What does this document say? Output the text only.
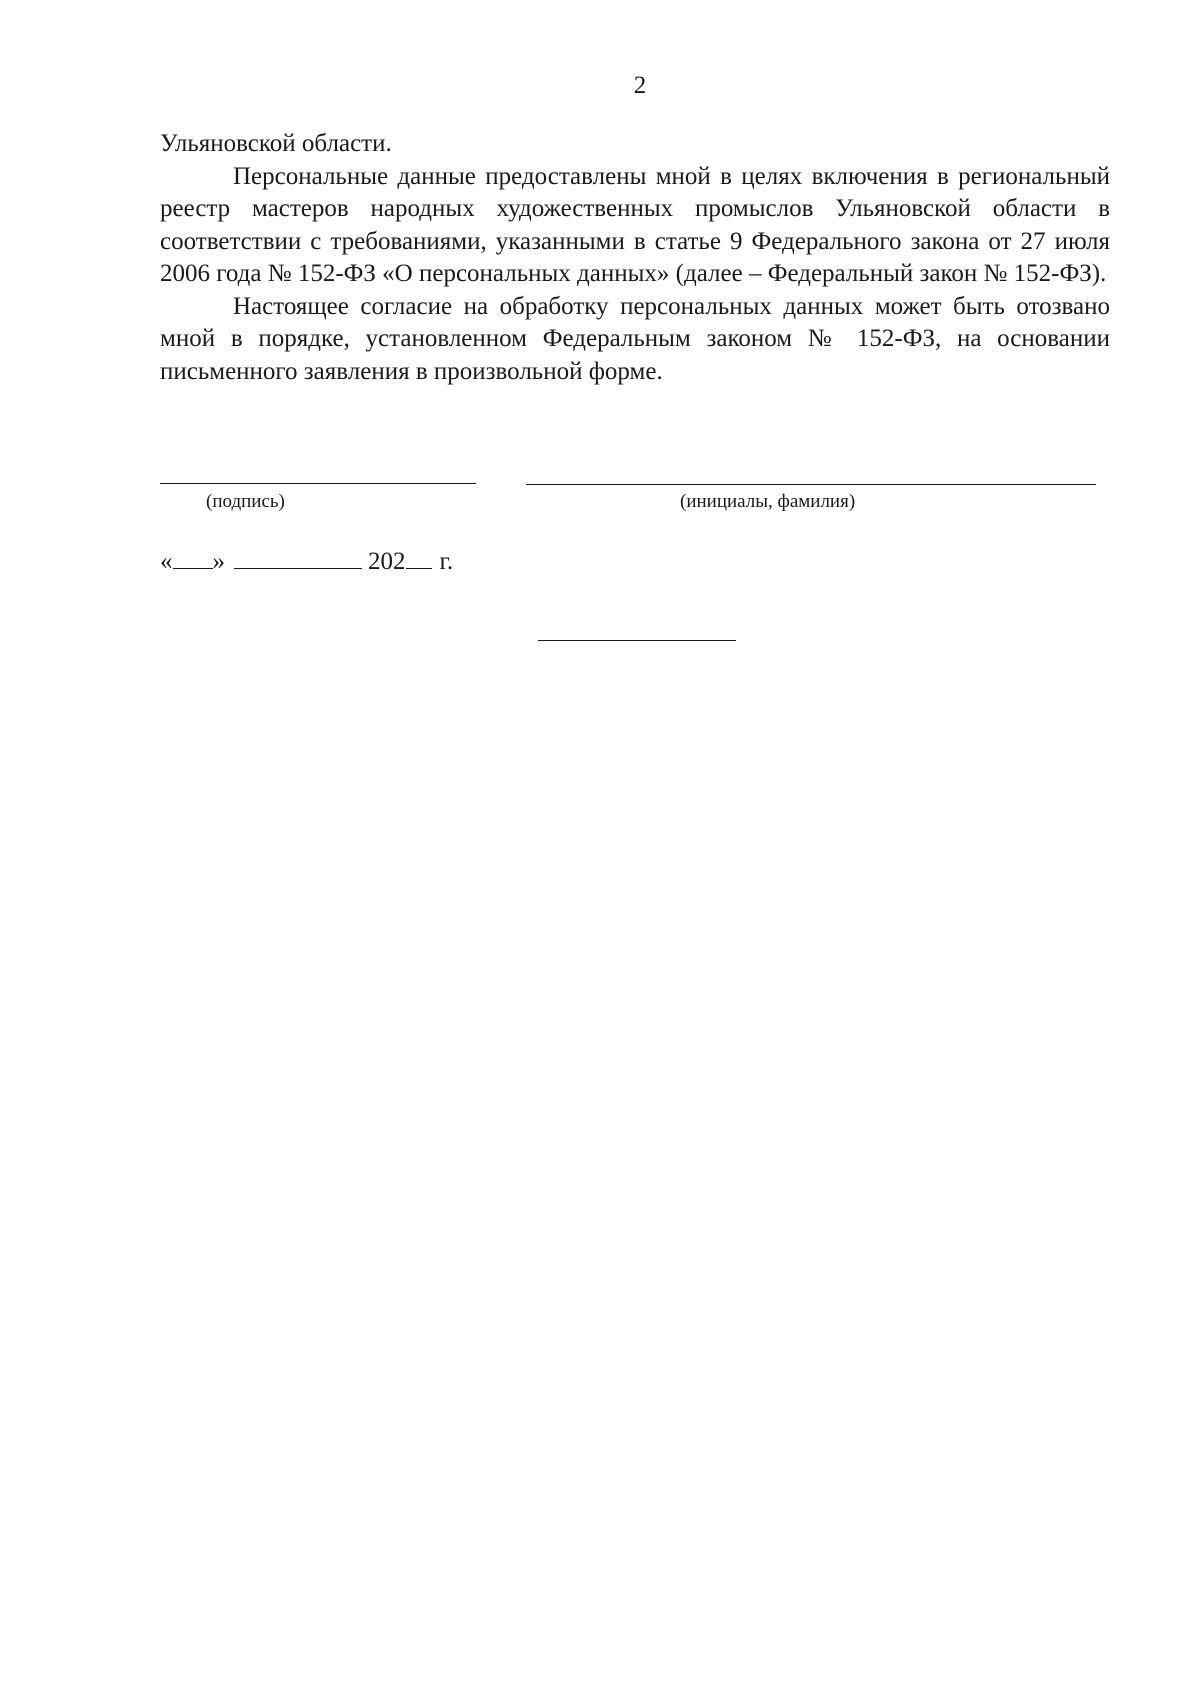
2

Ульяновской области.

Персональные данные предоставлены мной в целях включения в региональный реестр мастеров народных художественных промыслов Ульяновской области в соответствии с требованиями, указанными в статье 9 Федерального закона от 27 июля 2006 года № 152-ФЗ «О персональных данных» (далее – Федеральный закон № 152-ФЗ).

Настоящее согласие на обработку персональных данных может быть отозвано мной в порядке, установленном Федеральным законом № 152-ФЗ, на основании письменного заявления в произвольной форме.

(подпись)	(инициалы, фамилия)
« »	202 г.
